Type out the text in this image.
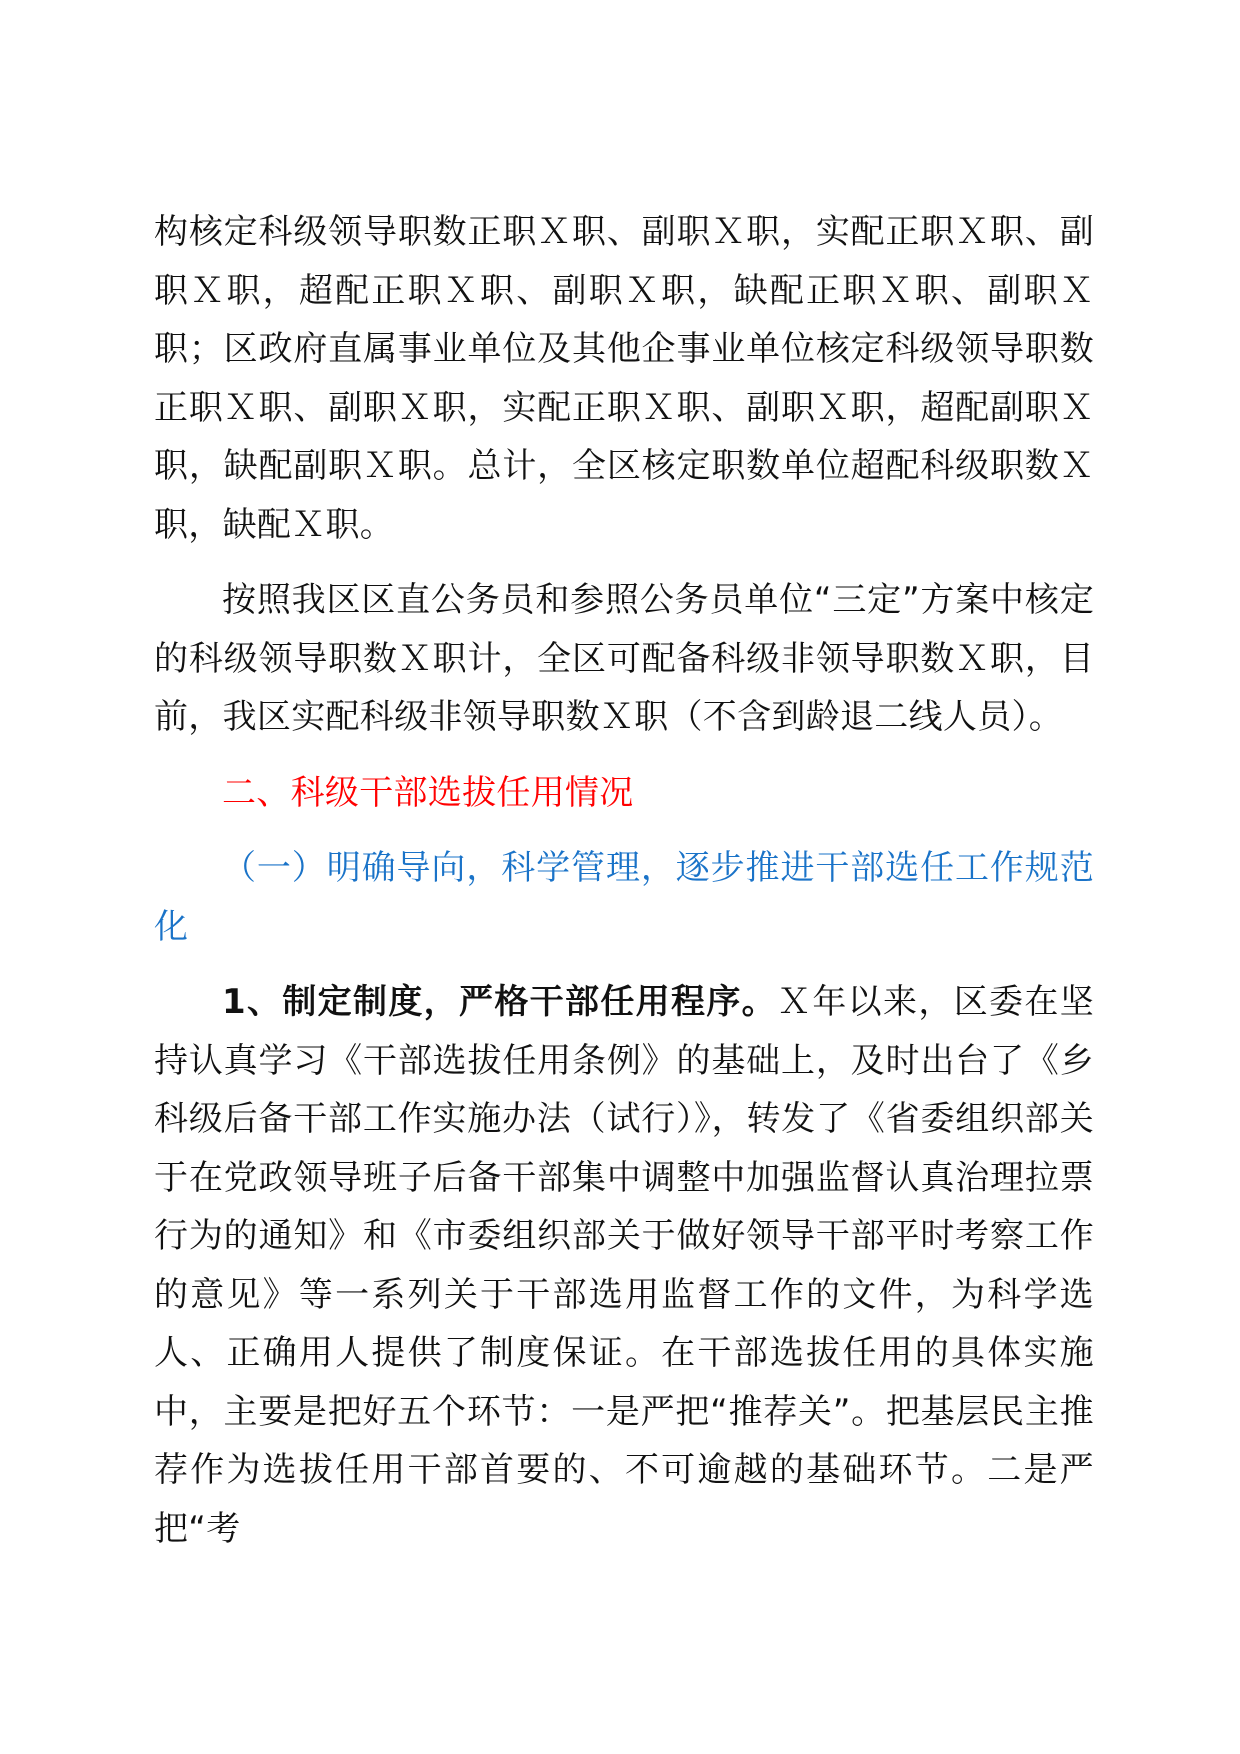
构核定科级领导职数正职Ｘ职、副职Ｘ职，实配正职Ｘ职、副职Ｘ职，超配正职Ｘ职、副职Ｘ职，缺配正职Ｘ职、副职Ｘ职；区政府直属事业单位及其他企事业单位核定科级领导职数正职Ｘ职、副职Ｘ职，实配正职Ｘ职、副职Ｘ职，超配副职Ｘ职，缺配副职Ｘ职。总计，全区核定职数单位超配科级职数Ｘ职，缺配Ｘ职。

按照我区区直公务员和参照公务员单位“三定”方案中核定的科级领导职数Ｘ职计，全区可配备科级非领导职数Ｘ职，目前，我区实配科级非领导职数Ｘ职（不含到龄退二线人员）。

二、科级干部选拔任用情况

（一）明确导向，科学管理，逐步推进干部选任工作规范化

1、制定制度，严格干部任用程序。Ｘ年以来，区委在坚持认真学习《干部选拔任用条例》的基础上，及时出台了《乡科级后备干部工作实施办法（试行）》，转发了《省委组织部关于在党政领导班子后备干部集中调整中加强监督认真治理拉票行为的通知》和《市委组织部关于做好领导干部平时考察工作的意见》等一系列关于干部选用监督工作的文件，为科学选人、正确用人提供了制度保证。在干部选拔任用的具体实施中，主要是把好五个环节：一是严把“推荐关”。把基层民主推荐作为选拔任用干部首要的、不可逾越的基础环节。二是严把“考
